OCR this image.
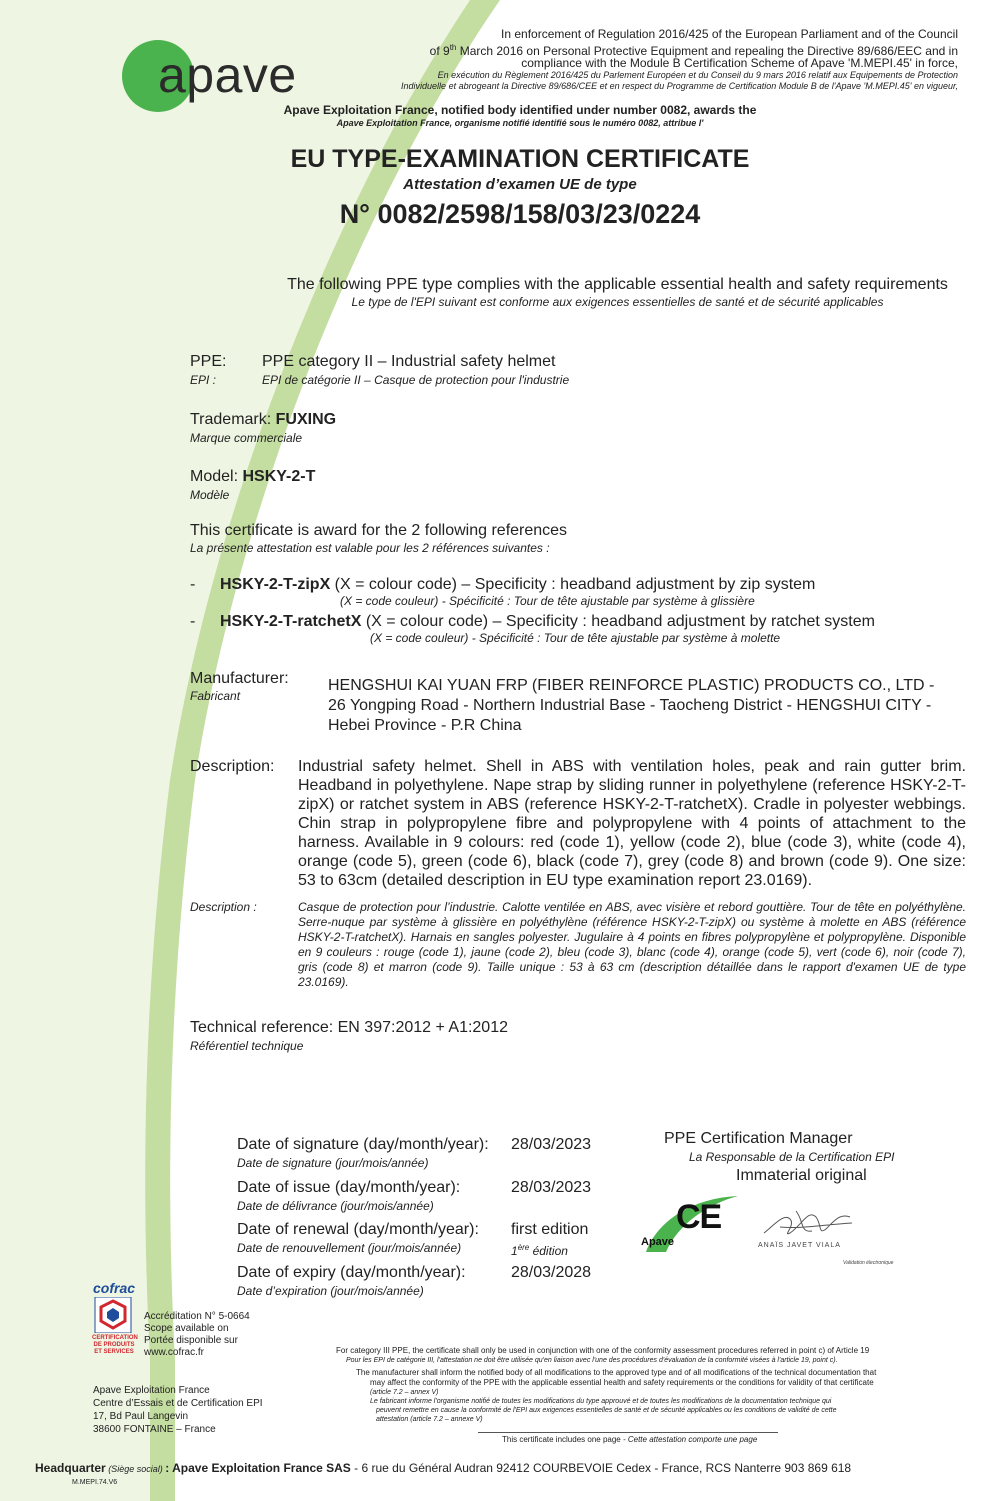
apave
In enforcement of Regulation 2016/425 of the European Parliament and of the Council
of 9th March 2016 on Personal Protective Equipment and repealing the Directive 89/686/EEC and in
compliance with the Module B Certification Scheme of Apave 'M.MEPI.45' in force,
En exécution du Règlement 2016/425 du Parlement Européen et du Conseil du 9 mars 2016 relatif aux Equipements de Protection
Individuelle et abrogeant la Directive 89/686/CEE et en respect du Programme de Certification Module B de l'Apave 'M.MEPI.45' en vigueur,
Apave Exploitation France, notified body identified under number 0082, awards the
Apave Exploitation France, organisme notifié identifié sous le numéro 0082, attribue l'
EU TYPE-EXAMINATION CERTIFICATE
Attestation d’examen UE de type
N° 0082/2598/158/03/23/0224
The following PPE type complies with the applicable essential health and safety requirements
Le type de l'EPI suivant est conforme aux exigences essentielles de santé et de sécurité applicables
PPE:
EPI :
PPE category II – Industrial safety helmet
EPI de catégorie II – Casque de protection pour l'industrie
Trademark: FUXING
Marque commerciale
Model: HSKY-2-T
Modèle
This certificate is award for the 2 following references
La présente attestation est valable pour les 2 références suivantes :
- HSKY-2-T-zipX (X = colour code) – Specificity : headband adjustment by zip system
(X = code couleur) - Spécificité : Tour de tête ajustable par système à glissière
- HSKY-2-T-ratchetX (X = colour code) – Specificity : headband adjustment by ratchet system
(X = code couleur) - Spécificité : Tour de tête ajustable par système à molette
Manufacturer:
Fabricant
HENGSHUI KAI YUAN FRP (FIBER REINFORCE PLASTIC) PRODUCTS CO., LTD -
26 Yongping Road - Northern Industrial Base - Taocheng District - HENGSHUI CITY -
Hebei Province - P.R China
Description: Industrial safety helmet. Shell in ABS with ventilation holes, peak and rain gutter brim. Headband in polyethylene. Nape strap by sliding runner in polyethylene (reference HSKY-2-T-zipX) or ratchet system in ABS (reference HSKY-2-T-ratchetX). Cradle in polyester webbings. Chin strap in polypropylene fibre and polypropylene with 4 points of attachment to the harness. Available in 9 colours: red (code 1), yellow (code 2), blue (code 3), white (code 4), orange (code 5), green (code 6), black (code 7), grey (code 8) and brown (code 9). One size: 53 to 63cm (detailed description in EU type examination report 23.0169).
Description :	Casque de protection pour l’industrie. Calotte ventilée en ABS, avec visière et rebord gouttière. Tour de tête en polyéthylène. Serre-nuque par système à glissière en polyéthylène (référence HSKY-2-T-zipX) ou système à molette en ABS (référence HSKY-2-T-ratchetX). Harnais en sangles polyester. Jugulaire à 4 points en fibres polypropylène et polypropylène. Disponible en 9 couleurs : rouge (code 1), jaune (code 2), bleu (code 3), blanc (code 4), orange (code 5), vert (code 6), noir (code 7), gris (code 8) et marron (code 9). Taille unique : 53 à 63 cm (description détaillée dans le rapport d'examen UE de type 23.0169).
Technical reference: EN 397:2012 + A1:2012
Référentiel technique
Date of signature (day/month/year):
Date de signature (jour/mois/année)
28/03/2023
Date of issue (day/month/year):
Date de délivrance (jour/mois/année)
28/03/2023
Date of renewal (day/month/year):
Date de renouvellement (jour/mois/année)
first edition
1ère édition
Date of expiry (day/month/year):
Date d’expiration (jour/mois/année)
28/03/2028
PPE Certification Manager
La Responsable de la Certification EPI
Immaterial original
CE
Apave	ANAÏS JAVET VIALA
Validation électronique
cofrac
CERTIFICATION
DE PRODUITS
ET SERVICES
Accréditation N° 5-0664
Scope available on
Portée disponible sur
www.cofrac.fr
Apave Exploitation France
Centre d’Essais et de Certification EPI
17, Bd Paul Langevin
38600 FONTAINE – France
For category III PPE, the certificate shall only be used in conjunction with one of the conformity assessment procedures referred in point c) of Article 19
Pour les EPI de catégorie III, l'attestation ne doit être utilisée qu'en liaison avec l'une des procédures d'évaluation de la conformité visées à l'article 19, point c).
The manufacturer shall inform the notified body of all modifications to the approved type and of all modifications of the technical documentation that
may affect the conformity of the PPE with the applicable essential health and safety requirements or the conditions for validity of that certificate
(article 7.2 – annex V)
Le fabricant informe l'organisme notifié de toutes les modifications du type approuvé et de toutes les modifications de la documentation technique qui
peuvent remettre en cause la conformité de l'EPI aux exigences essentielles de santé et de sécurité applicables ou les conditions de validité de cette
attestation (article 7.2 – annexe V)
This certificate includes one page - Cette attestation comporte une page
Headquarter (Siège social) : Apave Exploitation France SAS - 6 rue du Général Audran 92412 COURBEVOIE Cedex - France, RCS Nanterre 903 869 618
M.MEPI.74.V6
